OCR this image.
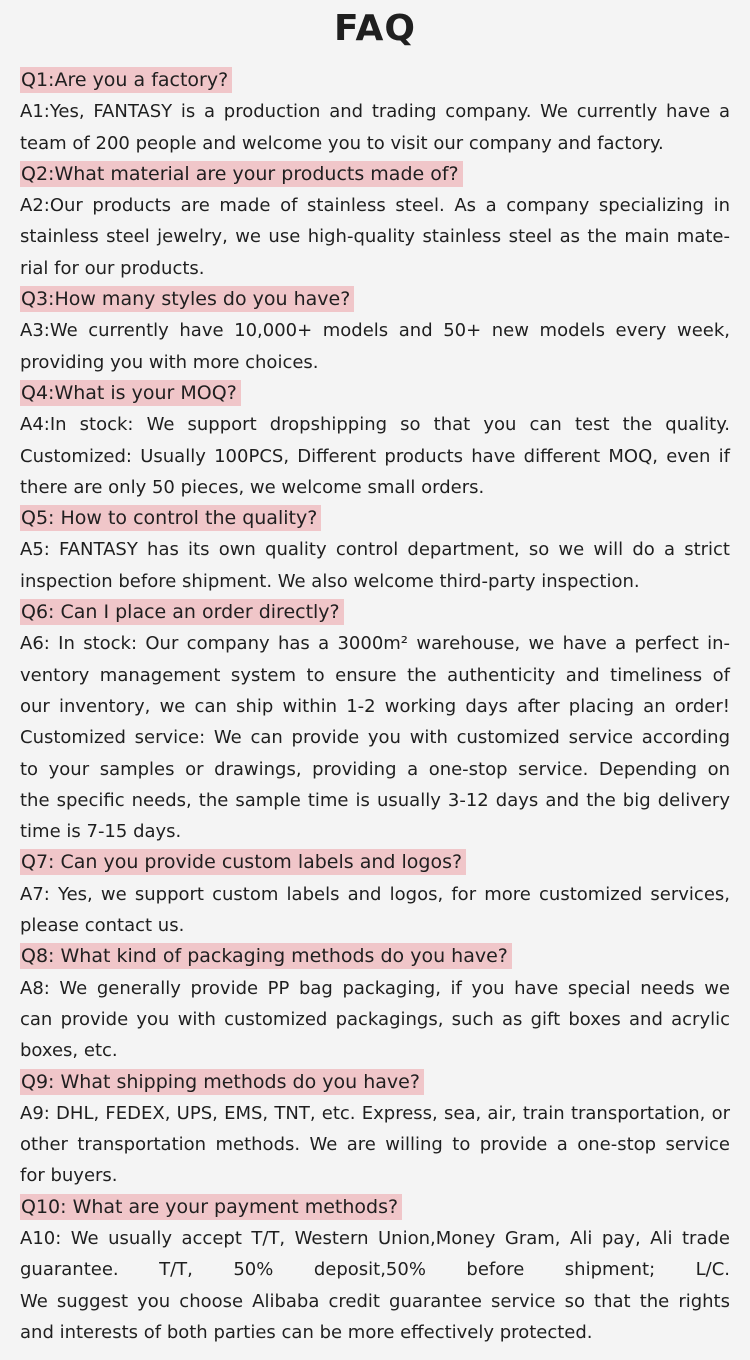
FAQ
Q1:Are you a factory?
A1:Yes, FANTASY is a production and trading company. We currently have a
team of 200 people and welcome you to visit our company and factory.
Q2:What material are your products made of?
A2:Our products are made of stainless steel. As a company specializing in
stainless steel jewelry, we use high-quality stainless steel as the main mate-
rial for our products.
Q3:How many styles do you have?
A3:We currently have 10,000+ models and 50+ new models every week,
providing you with more choices.
Q4:What is your MOQ?
A4:In stock: We support dropshipping so that you can test the quality.
Customized: Usually 100PCS, Different products have different MOQ, even if
there are only 50 pieces, we welcome small orders.
Q5: How to control the quality?
A5: FANTASY has its own quality control department, so we will do a strict
inspection before shipment. We also welcome third-party inspection.
Q6: Can I place an order directly?
A6: In stock: Our company has a 3000m² warehouse, we have a perfect in-
ventory management system to ensure the authenticity and timeliness of
our inventory, we can ship within 1-2 working days after placing an order!
Customized service: We can provide you with customized service according
to your samples or drawings, providing a one-stop service. Depending on
the specific needs, the sample time is usually 3-12 days and the big delivery
time is 7-15 days.
Q7: Can you provide custom labels and logos?
A7: Yes, we support custom labels and logos, for more customized services,
please contact us.
Q8: What kind of packaging methods do you have?
A8: We generally provide PP bag packaging, if you have special needs we
can provide you with customized packagings, such as gift boxes and acrylic
boxes, etc.
Q9: What shipping methods do you have?
A9: DHL, FEDEX, UPS, EMS, TNT, etc. Express, sea, air, train transportation, or
other transportation methods. We are willing to provide a one-stop service
for buyers.
Q10: What are your payment methods?
A10: We usually accept T/T, Western Union,Money Gram, Ali pay, Ali trade
guarantee. T/T, 50% deposit,50% before shipment; L/C.
We suggest you choose Alibaba credit guarantee service so that the rights
and interests of both parties can be more effectively protected.
